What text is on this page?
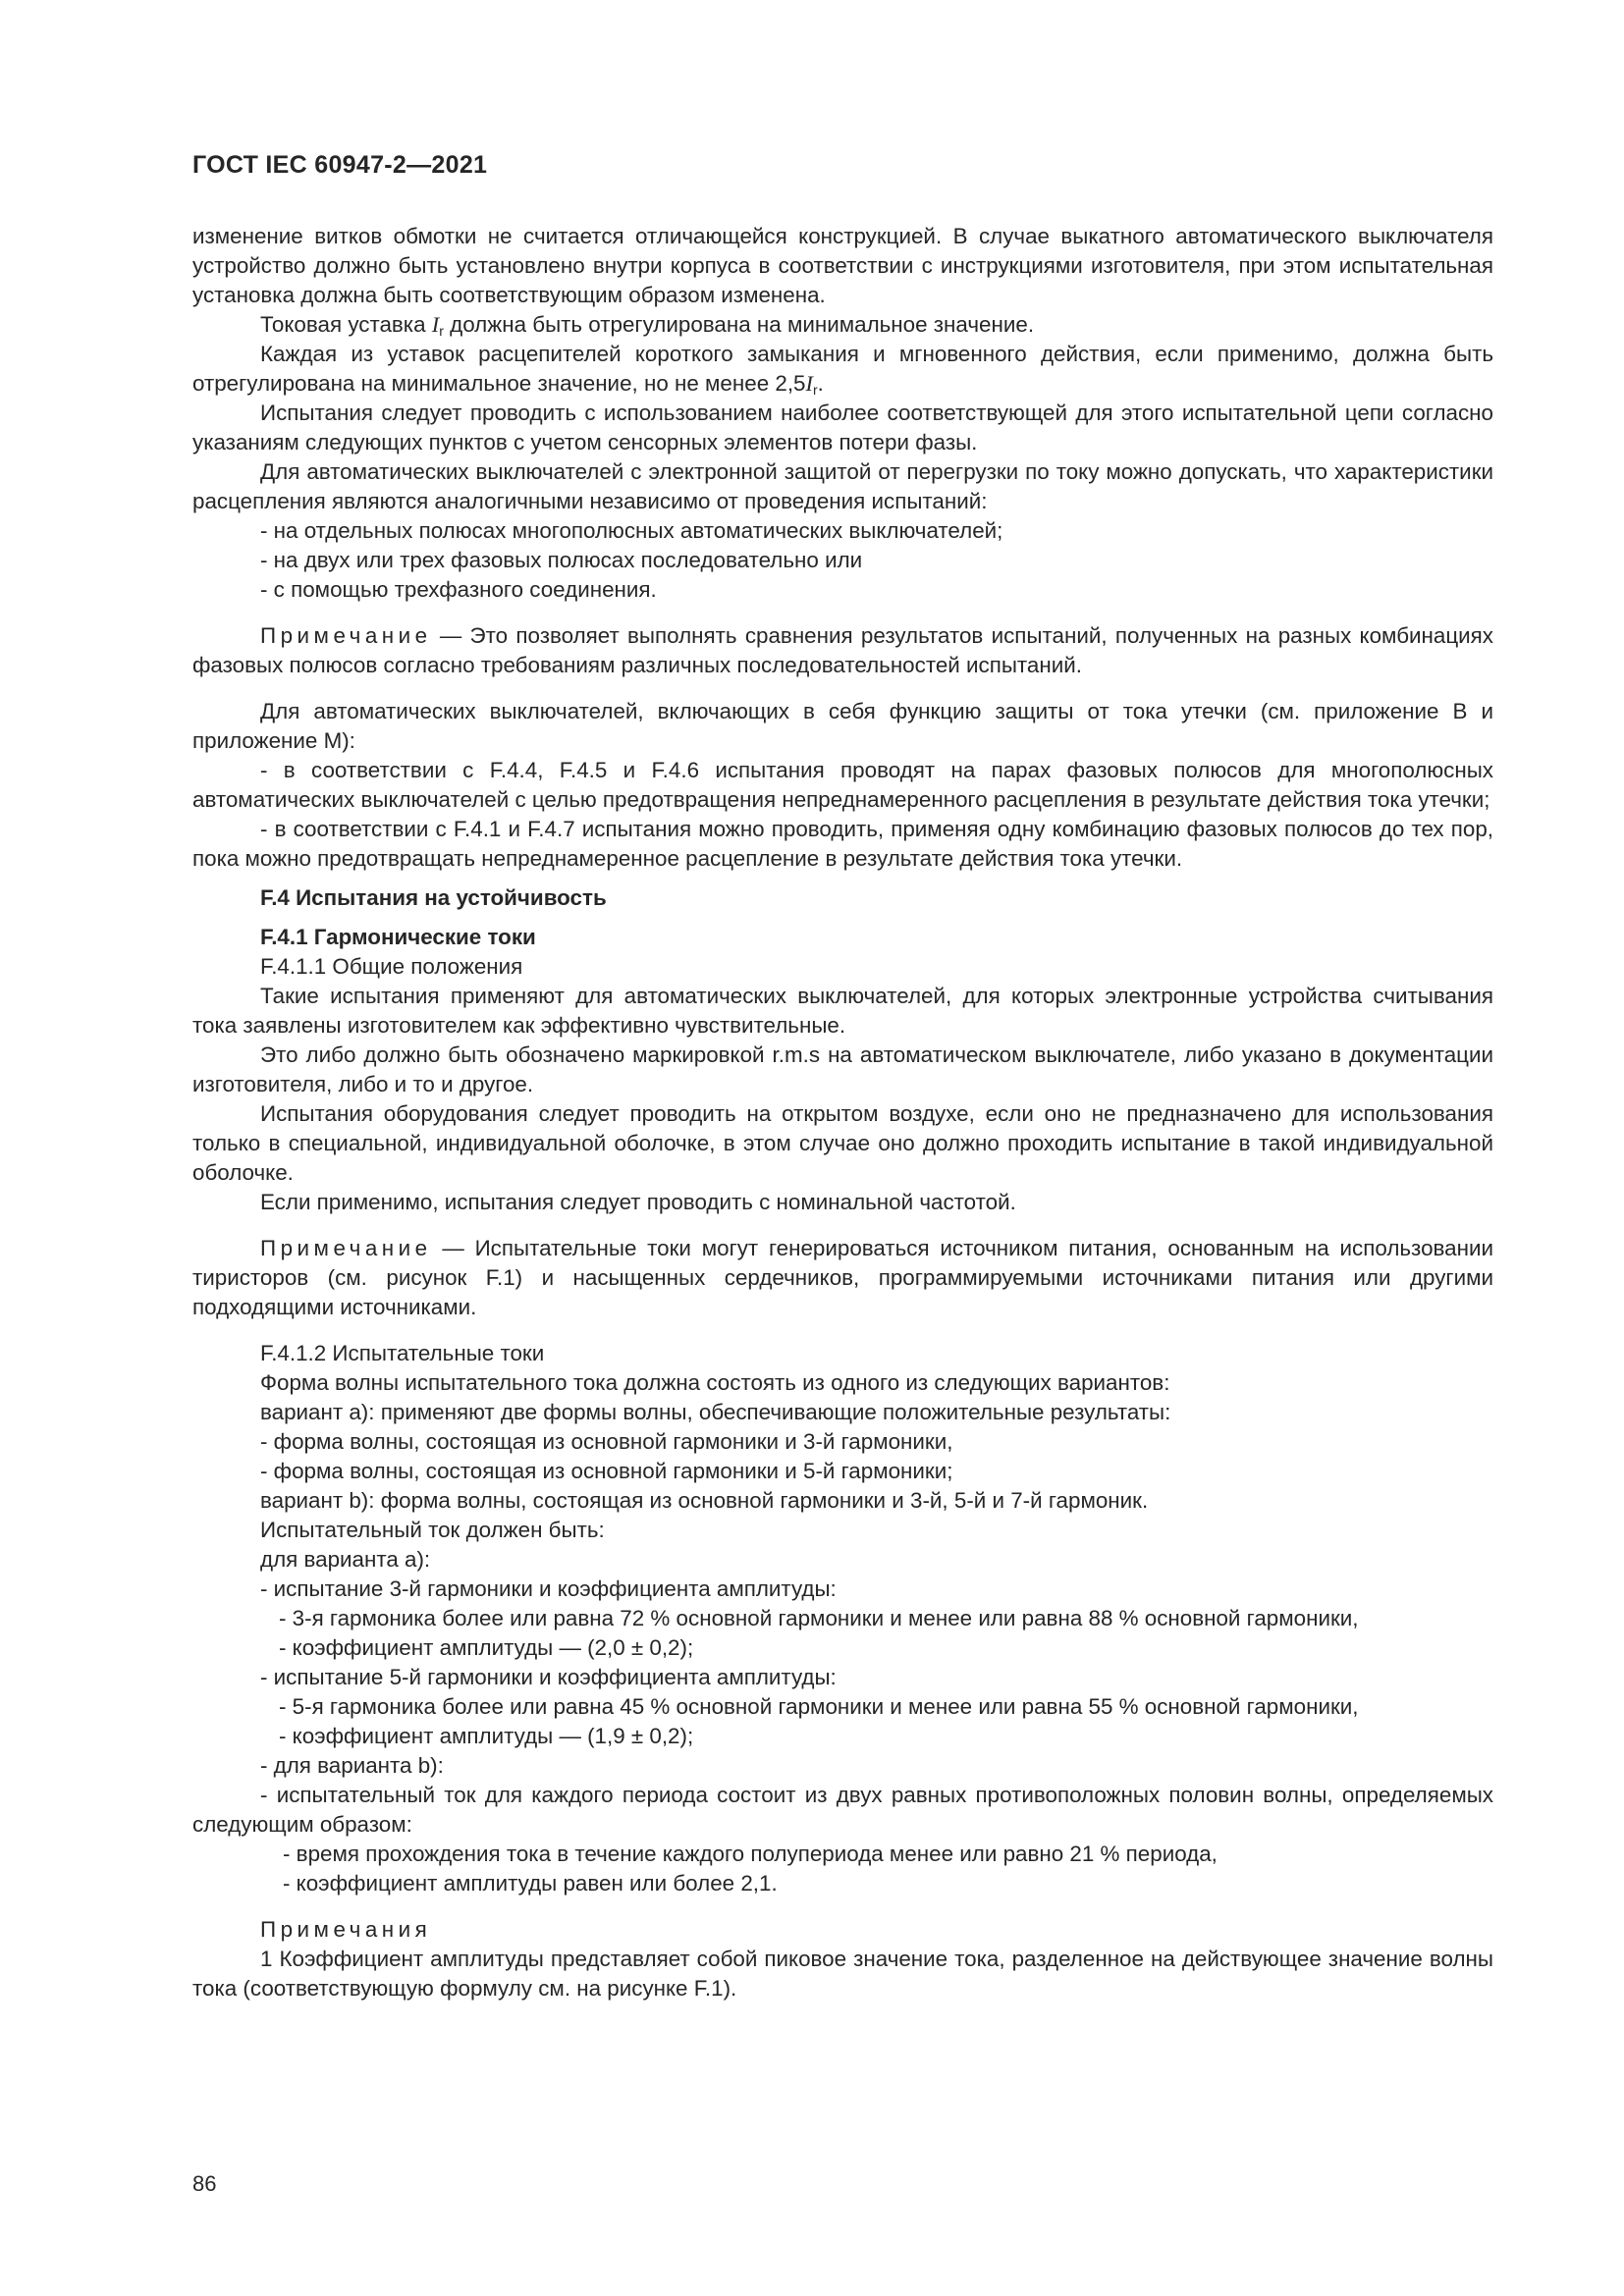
ГОСТ IEC 60947-2—2021

изменение витков обмотки не считается отличающейся конструкцией. В случае выкатного автоматического выключателя устройство должно быть установлено внутри корпуса в соответствии с инструкциями изготовителя, при этом испытательная установка должна быть соответствующим образом изменена.

Токовая уставка $I_r$ должна быть отрегулирована на минимальное значение.

Каждая из уставок расцепителей короткого замыкания и мгновенного действия, если применимо, должна быть отрегулирована на минимальное значение, но не менее $2,5I_r$.

Испытания следует проводить с использованием наиболее соответствующей для этого испытательной цепи согласно указаниям следующих пунктов с учетом сенсорных элементов потери фазы.

Для автоматических выключателей с электронной защитой от перегрузки по току можно допускать, что характеристики расцепления являются аналогичными независимо от проведения испытаний:

- на отдельных полюсах многополюсных автоматических выключателей;

- на двух или трех фазовых полюсах последовательно или

- с помощью трехфазного соединения.

Примечание — Это позволяет выполнять сравнения результатов испытаний, полученных на разных комбинациях фазовых полюсов согласно требованиям различных последовательностей испытаний.

Для автоматических выключателей, включающих в себя функцию защиты от тока утечки (см. приложение В и приложение М):

- в соответствии с F.4.4, F.4.5 и F.4.6 испытания проводят на парах фазовых полюсов для многополюсных автоматических выключателей с целью предотвращения непреднамеренного расцепления в результате действия тока утечки;

- в соответствии с F.4.1 и F.4.7 испытания можно проводить, применяя одну комбинацию фазовых полюсов до тех пор, пока можно предотвращать непреднамеренное расцепление в результате действия тока утечки.

F.4 Испытания на устойчивость

F.4.1 Гармонические токи

F.4.1.1 Общие положения

Такие испытания применяют для автоматических выключателей, для которых электронные устройства считывания тока заявлены изготовителем как эффективно чувствительные.

Это либо должно быть обозначено маркировкой r.m.s на автоматическом выключателе, либо указано в документации изготовителя, либо и то и другое.

Испытания оборудования следует проводить на открытом воздухе, если оно не предназначено для использования только в специальной, индивидуальной оболочке, в этом случае оно должно проходить испытание в такой индивидуальной оболочке.

Если применимо, испытания следует проводить с номинальной частотой.

Примечание — Испытательные токи могут генерироваться источником питания, основанным на использовании тиристоров (см. рисунок F.1) и насыщенных сердечников, программируемыми источниками питания или другими подходящими источниками.

F.4.1.2 Испытательные токи

Форма волны испытательного тока должна состоять из одного из следующих вариантов:

вариант a): применяют две формы волны, обеспечивающие положительные результаты:

- форма волны, состоящая из основной гармоники и 3-й гармоники,

- форма волны, состоящая из основной гармоники и 5-й гармоники;

вариант b): форма волны, состоящая из основной гармоники и 3-й, 5-й и 7-й гармоник.

Испытательный ток должен быть:

для варианта a):

- испытание 3-й гармоники и коэффициента амплитуды:

- 3-я гармоника более или равна 72 % основной гармоники и менее или равна 88 % основной гармоники,

- коэффициент амплитуды — (2,0 ± 0,2);

- испытание 5-й гармоники и коэффициента амплитуды:

- 5-я гармоника более или равна 45 % основной гармоники и менее или равна 55 % основной гармоники,

- коэффициент амплитуды — (1,9 ± 0,2);

- для варианта b):

- испытательный ток для каждого периода состоит из двух равных противоположных половин волны, определяемых следующим образом:

- время прохождения тока в течение каждого полупериода менее или равно 21 % периода,

- коэффициент амплитуды равен или более 2,1.

Примечания

1 Коэффициент амплитуды представляет собой пиковое значение тока, разделенное на действующее значение волны тока (соответствующую формулу см. на рисунке F.1).

86
